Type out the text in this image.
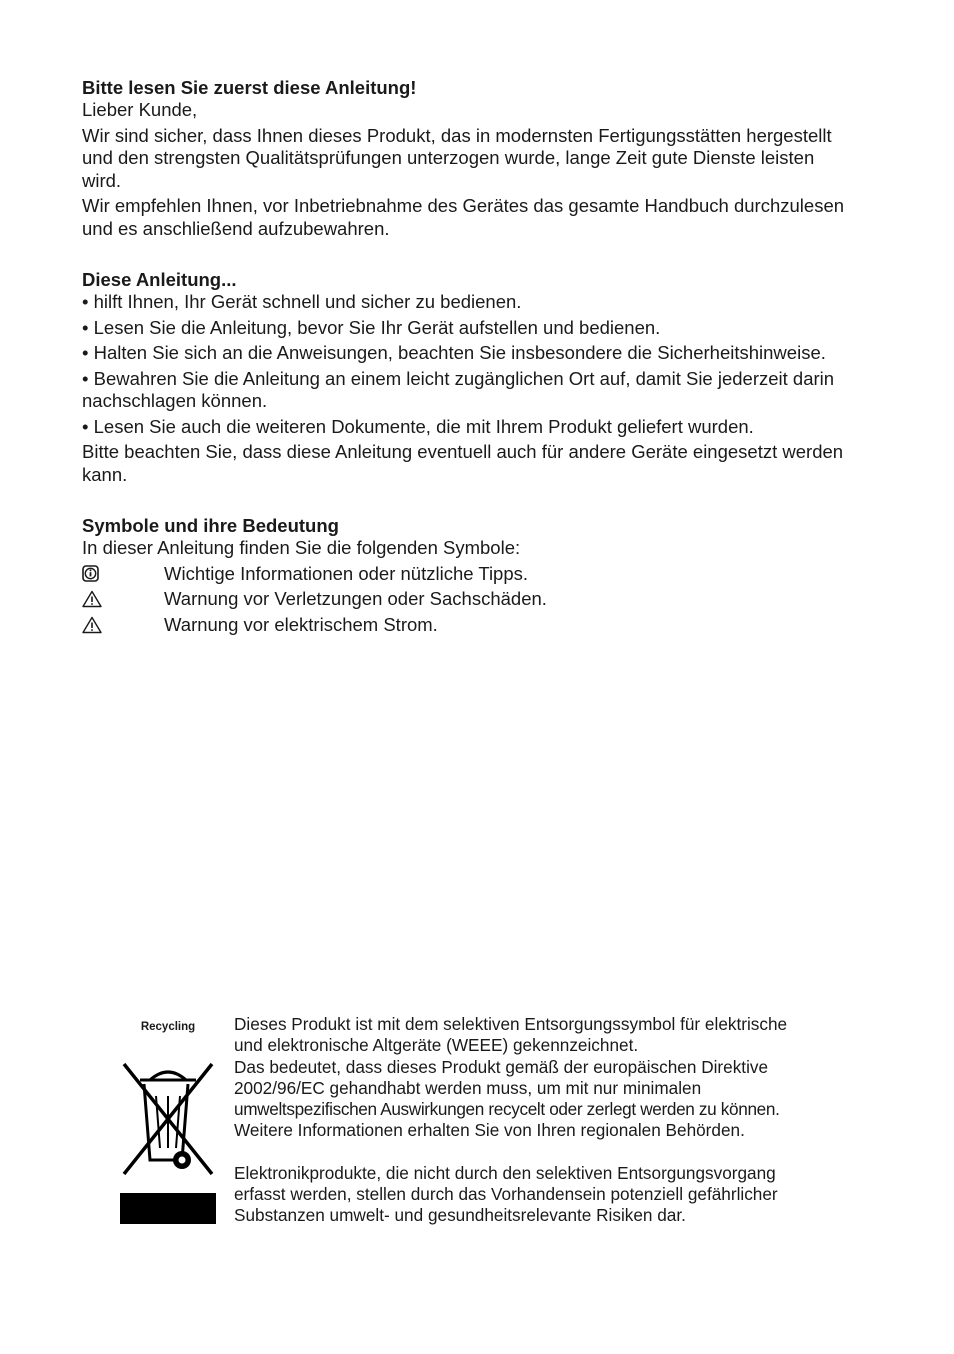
Bitte lesen Sie zuerst diese Anleitung!

Lieber Kunde,

Wir sind sicher, dass Ihnen dieses Produkt, das in modernsten Fertigungsstätten hergestellt und den strengsten Qualitätsprüfungen unterzogen wurde, lange Zeit gute Dienste leisten wird.

Wir empfehlen Ihnen, vor Inbetriebnahme des Gerätes das gesamte Handbuch durchzulesen und es anschließend aufzubewahren.

Diese Anleitung...

• hilft Ihnen, Ihr Gerät schnell und sicher zu bedienen.

• Lesen Sie die Anleitung, bevor Sie Ihr Gerät aufstellen und bedienen.

• Halten Sie sich an die Anweisungen, beachten Sie insbesondere die Sicherheitshinweise.

• Bewahren Sie die Anleitung an einem leicht zugänglichen Ort auf, damit Sie jederzeit darin nachschlagen können.

• Lesen Sie auch die weiteren Dokumente, die mit Ihrem Produkt geliefert wurden.

Bitte beachten Sie, dass diese Anleitung eventuell auch für andere Geräte eingesetzt werden kann.

Symbole und ihre Bedeutung

In dieser Anleitung finden Sie die folgenden Symbole:

Wichtige Informationen oder nützliche Tipps.
Warnung vor Verletzungen oder Sachschäden.
Warnung vor elektrischem Strom.
Recycling	Dieses Produkt ist mit dem selektiven Entsorgungssymbol für elektrische

und elektronische Altgeräte (WEEE) gekennzeichnet.

Das bedeutet, dass dieses Produkt gemäß der europäischen Direktive

2002/96/EC gehandhabt werden muss, um mit nur minimalen

umweltspezifischen Auswirkungen recycelt oder zerlegt werden zu können.

Weitere Informationen erhalten Sie von Ihren regionalen Behörden.

Elektronikprodukte, die nicht durch den selektiven Entsorgungsvorgang

erfasst werden, stellen durch das Vorhandensein potenziell gefährlicher

Substanzen umwelt- und gesundheitsrelevante Risiken dar.
